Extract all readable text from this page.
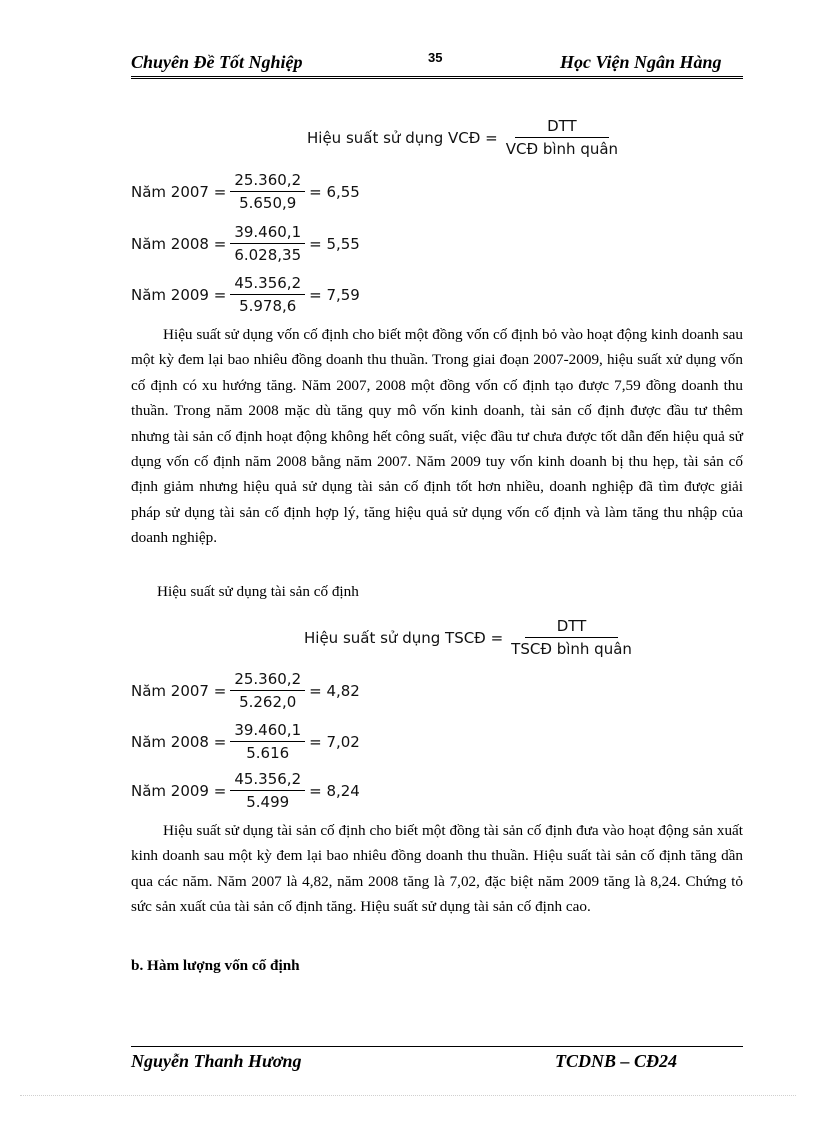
Chuyên Đề Tốt Nghiệp	35	Học Viện Ngân Hàng
Hiệu suất sử dụng VCĐ = $\frac{\text{DTT}}{\text{VCĐ bình quân}}$
Năm $2007 = \frac{25.360,2}{5.650,9} = 6,55$
Năm $2008 = \frac{39.460,1}{6.028,35} = 5,55$
Năm $2009 = \frac{45.356,2}{5.978,6} = 7,59$

Hiệu suất sử dụng vốn cố định cho biết một đồng vốn cố định bỏ vào hoạt động kinh doanh sau một kỳ đem lại bao nhiêu đồng doanh thu thuần. Trong giai đoạn 2007-2009, hiệu suất xử dụng vốn cố định có xu hướng tăng. Năm 2007, 2008 một đồng vốn cố định tạo được 7,59 đồng doanh thu thuần. Trong năm 2008 mặc dù tăng quy mô vốn kinh doanh, tài sản cố định được đầu tư thêm nhưng tài sản cố định hoạt động không hết công suất, việc đầu tư chưa được tốt dẫn đến hiệu quả sử dụng vốn cố định năm 2008 bằng năm 2007. Năm 2009 tuy vốn kinh doanh bị thu hẹp, tài sản cố định giảm nhưng hiệu quả sử dụng tài sản cố định tốt hơn nhiều, doanh nghiệp đã tìm được giải pháp sử dụng tài sản cố định hợp lý, tăng hiệu quả sử dụng vốn cố định và làm tăng thu nhập của doanh nghiệp.

Hiệu suất sử dụng tài sản cố định
Hiệu suất sử dụng TSCĐ = $\frac{\text{DTT}}{\text{TSCĐ bình quân}}$
Năm $2007 = \frac{25.360,2}{5.262,0} = 4,82$
Năm $2008 = \frac{39.460,1}{5.616} = 7,02$
Năm $2009 = \frac{45.356,2}{5.499} = 8,24$

Hiệu suất sử dụng tài sản cố định cho biết một đồng tài sản cố định đưa vào hoạt động sản xuất kinh doanh sau một kỳ đem lại bao nhiêu đồng doanh thu thuần. Hiệu suất tài sản cố định tăng dần qua các năm. Năm 2007 là 4,82, năm 2008 tăng là 7,02, đặc biệt năm 2009 tăng là 8,24. Chứng tỏ sức sản xuất của tài sản cố định tăng. Hiệu suất sử dụng tài sản cố định cao.

b. Hàm lượng vốn cố định
Nguyễn Thanh Hương	TCDNB – CĐ24
